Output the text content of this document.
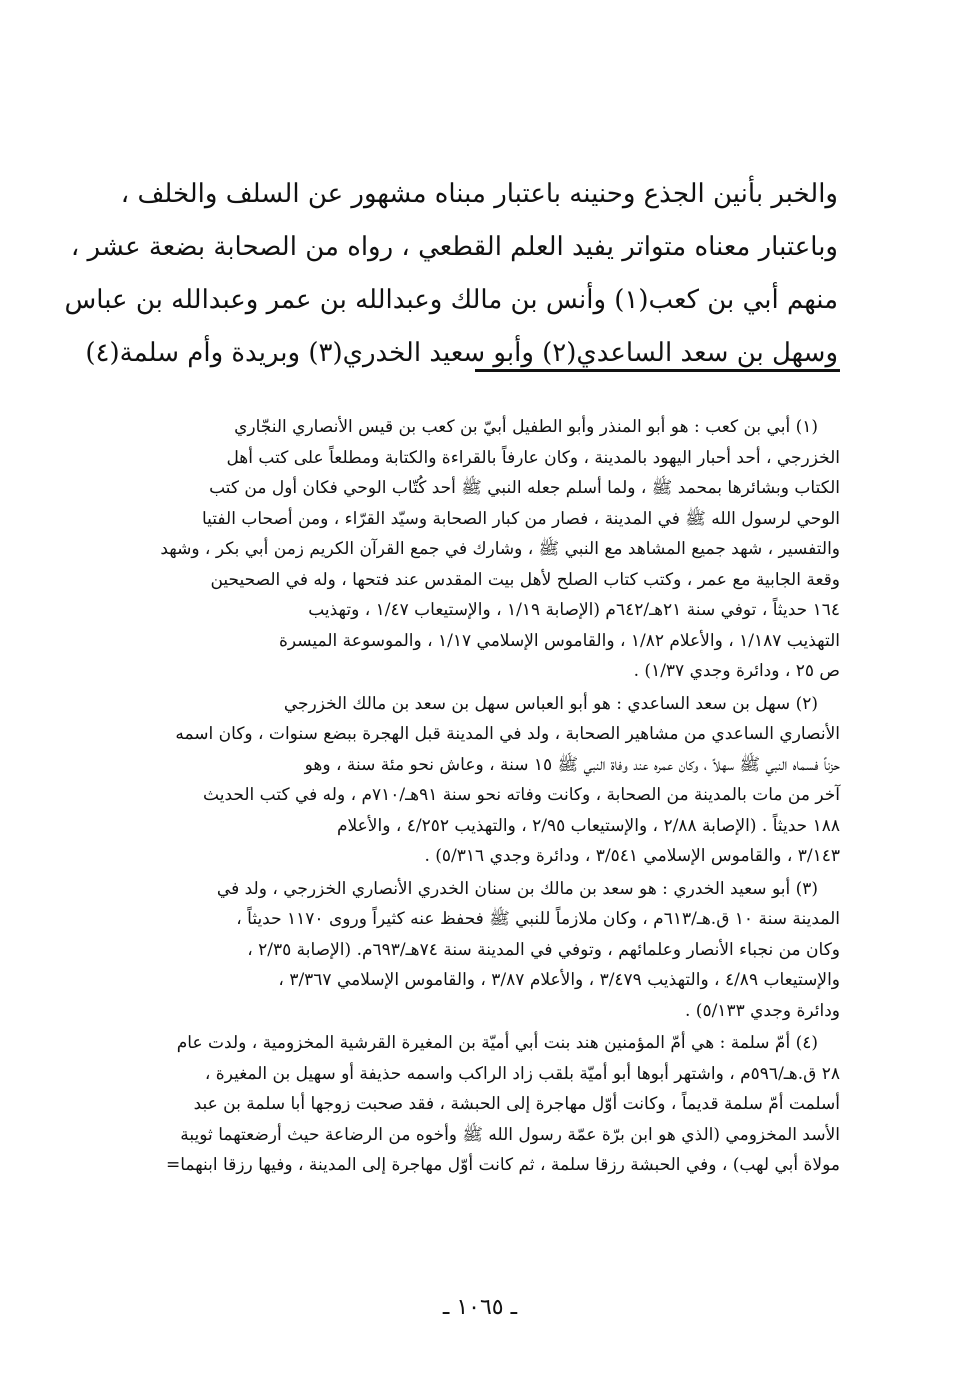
والخبر بأنين الجذع وحنينه باعتبار مبناه مشهور عن السلف والخلف ،
وباعتبار معناه متواتر يفيد العلم القطعي ، رواه من الصحابة بضعة عشر ،
منهم أبي بن كعب(١) وأنس بن مالك وعبدالله بن عمر وعبدالله بن عباس
وسهل بن سعد الساعدي(٢) وأبو سعيد الخدري(٣) وبريدة وأم سلمة(٤)
(١) أبي بن كعب : هو أبو المنذر وأبو الطفيل أبيّ بن كعب بن قيس الأنصاري النجّاري
الخزرجي ، أحد أحبار اليهود بالمدينة ، وكان عارفاً بالقراءة والكتابة ومطلعاً على كتب أهل
الكتاب وبشائرها بمحمد ﷺ ، ولما أسلم جعله النبي ﷺ أحد كُتّاب الوحي فكان أول من كتب
الوحي لرسول الله ﷺ في المدينة ، فصار من كبار الصحابة وسيّد القرّاء ، ومن أصحاب الفتيا
والتفسير ، شهد جميع المشاهد مع النبي ﷺ ، وشارك في جمع القرآن الكريم زمن أبي بكر ، وشهد
وقعة الجابية مع عمر ، وكتب كتاب الصلح لأهل بيت المقدس عند فتحها ، وله في الصحيحين
١٦٤ حديثاً ، توفي سنة ٢١هـ/٦٤٢م (الإصابة ١/١٩ ، والإستيعاب ١/٤٧ ، وتهذيب
التهذيب ١/١٨٧ ، والأعلام ١/٨٢ ، والقاموس الإسلامي ١/١٧ ، والموسوعة الميسرة
ص ٢٥ ، ودائرة وجدي ١/٣٧) .
(٢) سهل بن سعد الساعدي : هو أبو العباس سهل بن سعد بن مالك الخزرجي
الأنصاري الساعدي من مشاهير الصحابة ، ولد في المدينة قبل الهجرة ببضع سنوات ، وكان اسمه
حزناً فسماه النبي ﷺ سهلاً ، وكان عمره عند وفاة النبي ﷺ ١٥ سنة ، وعاش نحو مئة سنة ، وهو
آخر من مات بالمدينة من الصحابة ، وكانت وفاته نحو سنة ٩١هـ/٧١٠م ، وله في كتب الحديث
١٨٨ حديثاً . (الإصابة ٢/٨٨ ، والإستيعاب ٢/٩٥ ، والتهذيب ٤/٢٥٢ ، والأعلام
٣/١٤٣ ، والقاموس الإسلامي ٣/٥٤١ ، ودائرة وجدي ٥/٣١٦) .
(٣) أبو سعيد الخدري : هو سعد بن مالك بن سنان الخدري الأنصاري الخزرجي ، ولد في
المدينة سنة ١٠ ق.هـ/٦١٣م ، وكان ملازماً للنبي ﷺ فحفظ عنه كثيراً وروى ١١٧٠ حديثاً ،
وكان من نجباء الأنصار وعلمائهم ، وتوفي في المدينة سنة ٧٤هـ/٦٩٣م. (الإصابة ٢/٣٥ ،
والإستيعاب ٤/٨٩ ، والتهذيب ٣/٤٧٩ ، والأعلام ٣/٨٧ ، والقاموس الإسلامي ٣/٣٦٧ ،
ودائرة وجدي ٥/١٣٣) .
(٤) أمّ سلمة : هي أمّ المؤمنين هند بنت أبي أميّة بن المغيرة القرشية المخزومية ، ولدت عام
٢٨ ق.هـ/٥٩٦م ، واشتهر أبوها أبو أميّة بلقب زاد الراكب واسمه حذيفة أو سهيل بن المغيرة ،
أسلمت أمّ سلمة قديماً ، وكانت أوّل مهاجرة إلى الحبشة ، فقد صحبت زوجها أبا سلمة بن عبد
الأسد المخزومي (الذي هو ابن برّة عمّة رسول الله ﷺ وأخوه من الرضاعة حيث أرضعتهما ثويبة
مولاة أبي لهب) ، وفي الحبشة رزقا سلمة ، ثم كانت أوّل مهاجرة إلى المدينة ، وفيها رزقا ابنهما=
ـ ١٠٦٥ ـ
